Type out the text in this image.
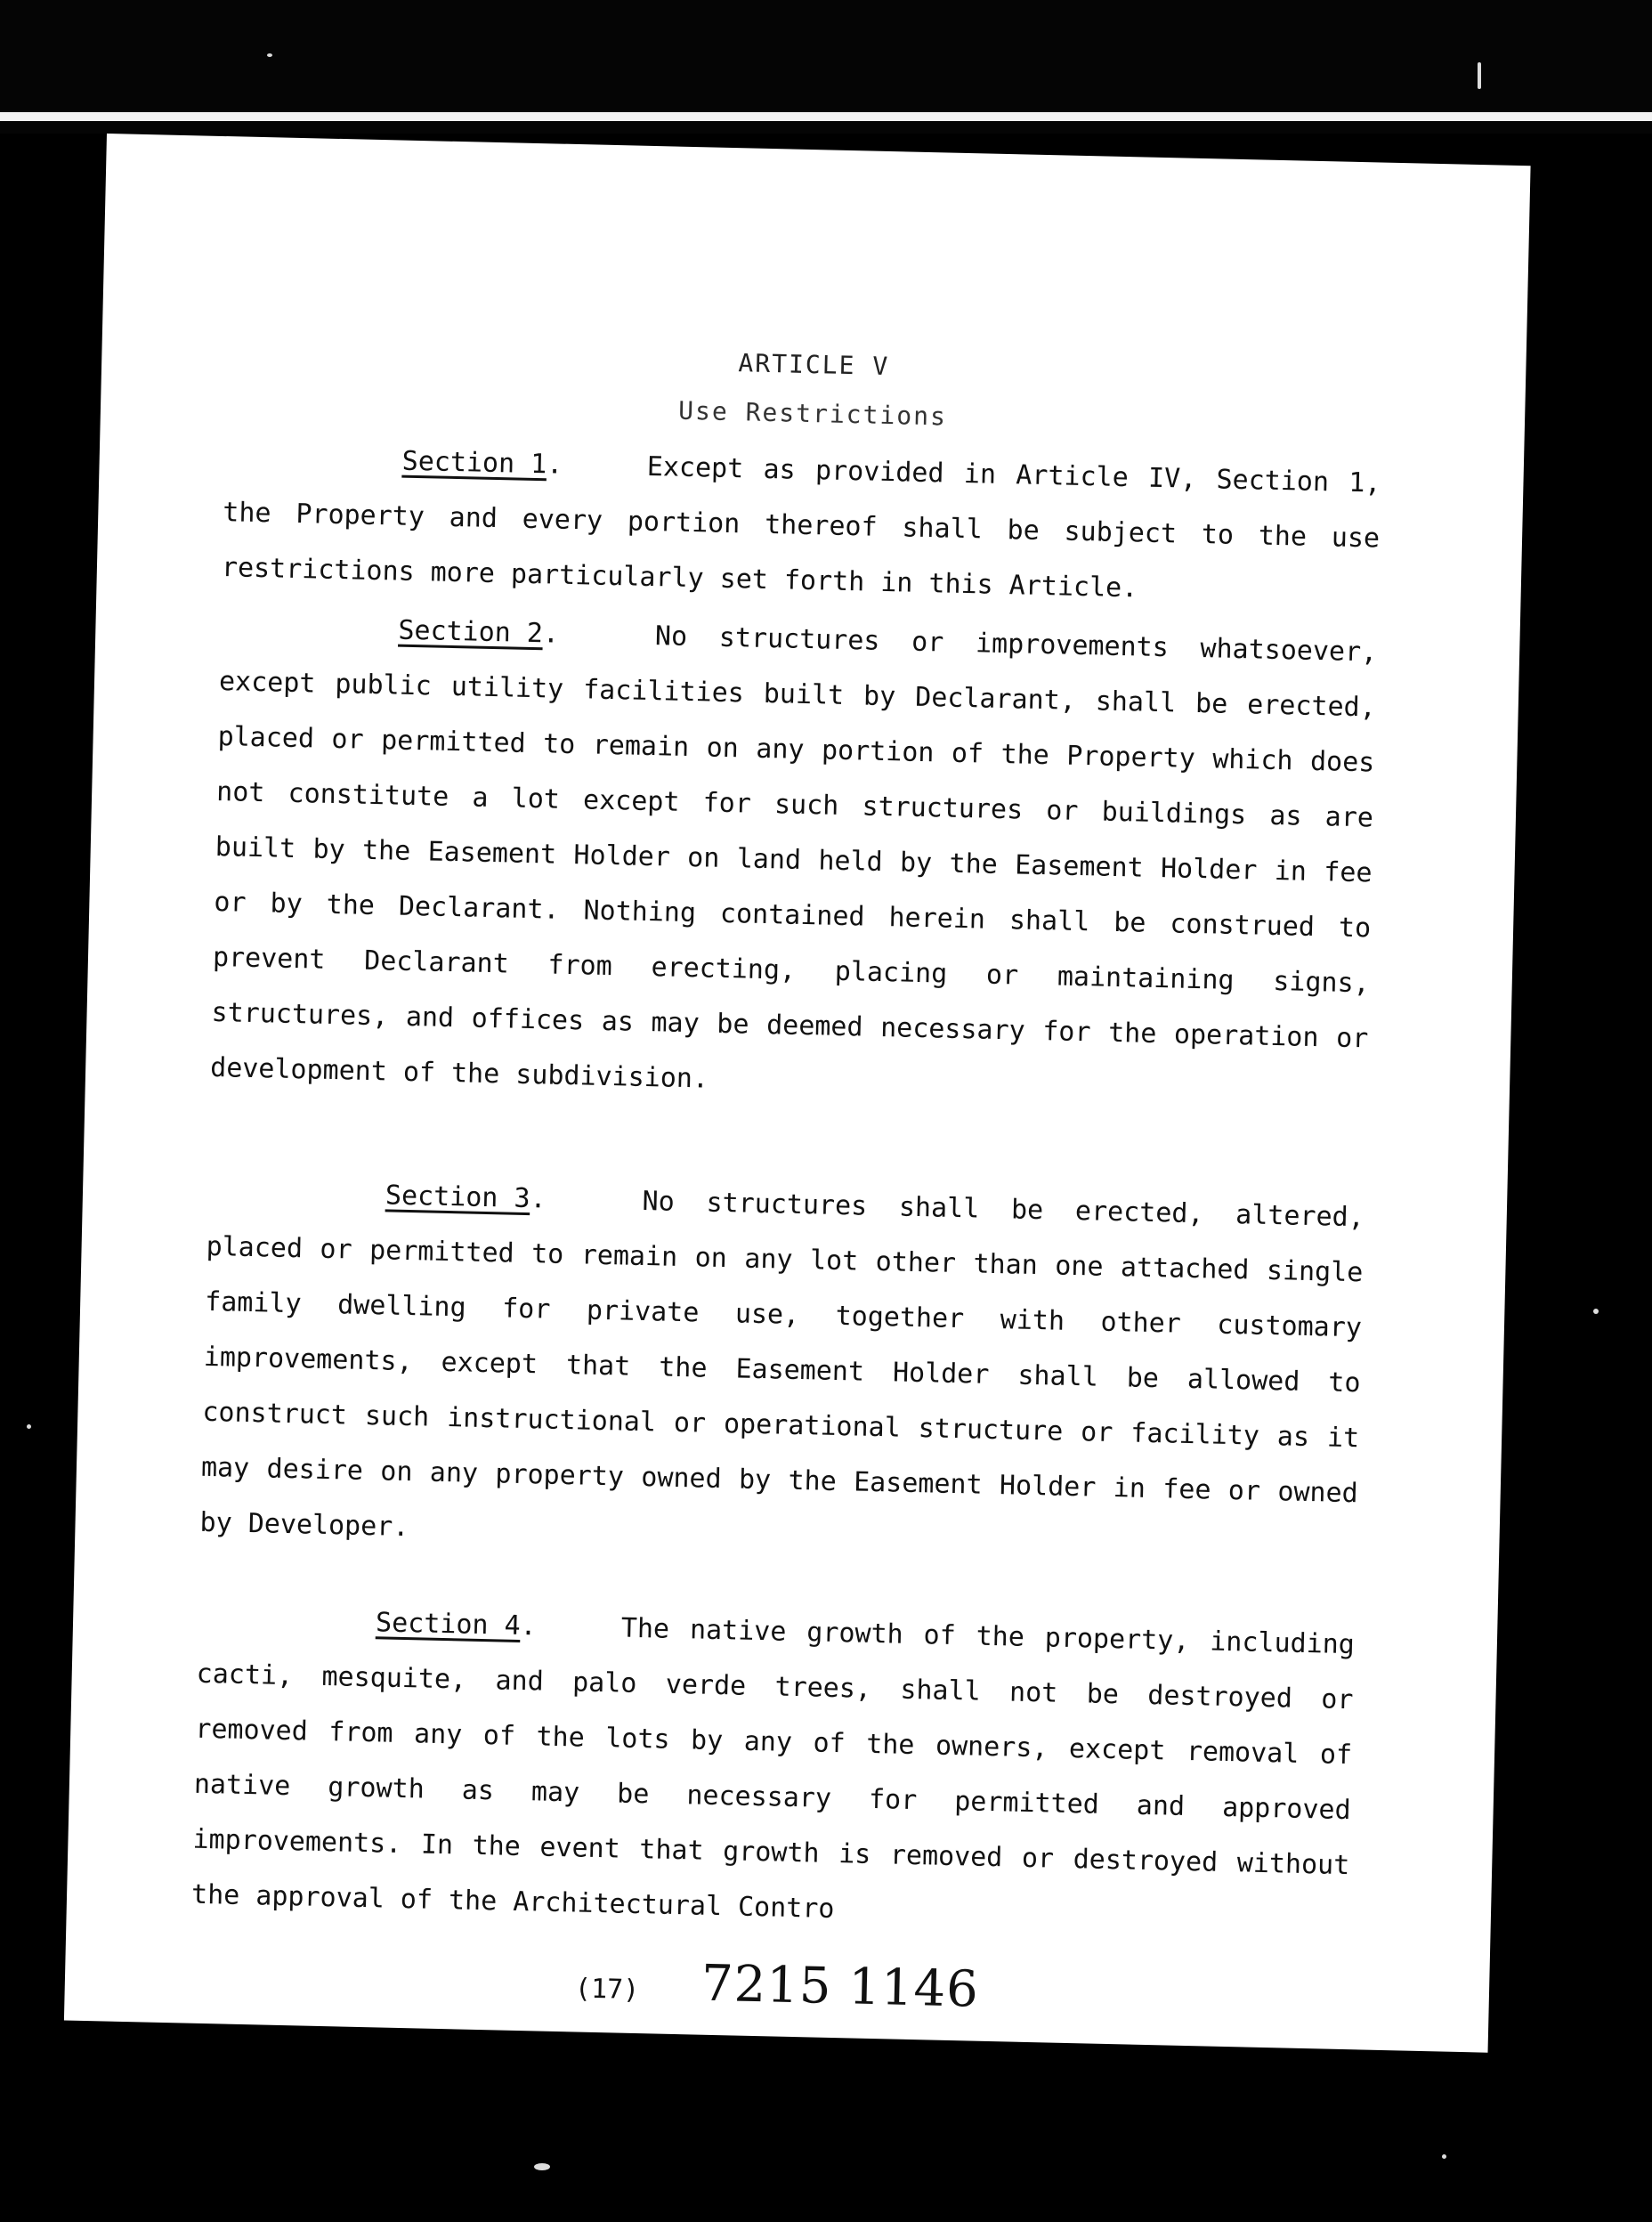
ARTICLE V
Use Restrictions
Section 1.     Except as provided in Article IV, Section 1, the Property and every portion thereof shall be subject to the use restrictions more particularly set forth in this Article.
Section 2.     No structures or improvements whatsoever, except public utility facilities built by Declarant, shall be erected, placed or permitted to remain on any portion of the Property which does not constitute a lot except for such structures or buildings as are built by the Easement Holder on land held by the Easement Holder in fee or by the Declarant. Nothing contained herein shall be construed to prevent Declarant from erecting, placing or maintaining signs, structures, and offices as may be deemed necessary for the operation or development of the subdivision.
Section 3.     No structures shall be erected, altered, placed or permitted to remain on any lot other than one attached single family dwelling for private use, together with other customary improvements, except that the Easement Holder shall be allowed to construct such instructional or operational structure or facility as it may desire on any property owned by the Easement Holder in fee or owned by Developer.
Section 4.     The native growth of the property, including cacti, mesquite, and palo verde trees, shall not be destroyed or removed from any of the lots by any of the owners, except removal of native growth as may be necessary for permitted and approved improvements. In the event that growth is removed or destroyed without the approval of the Architectural Contro
(17) 7215 1146
